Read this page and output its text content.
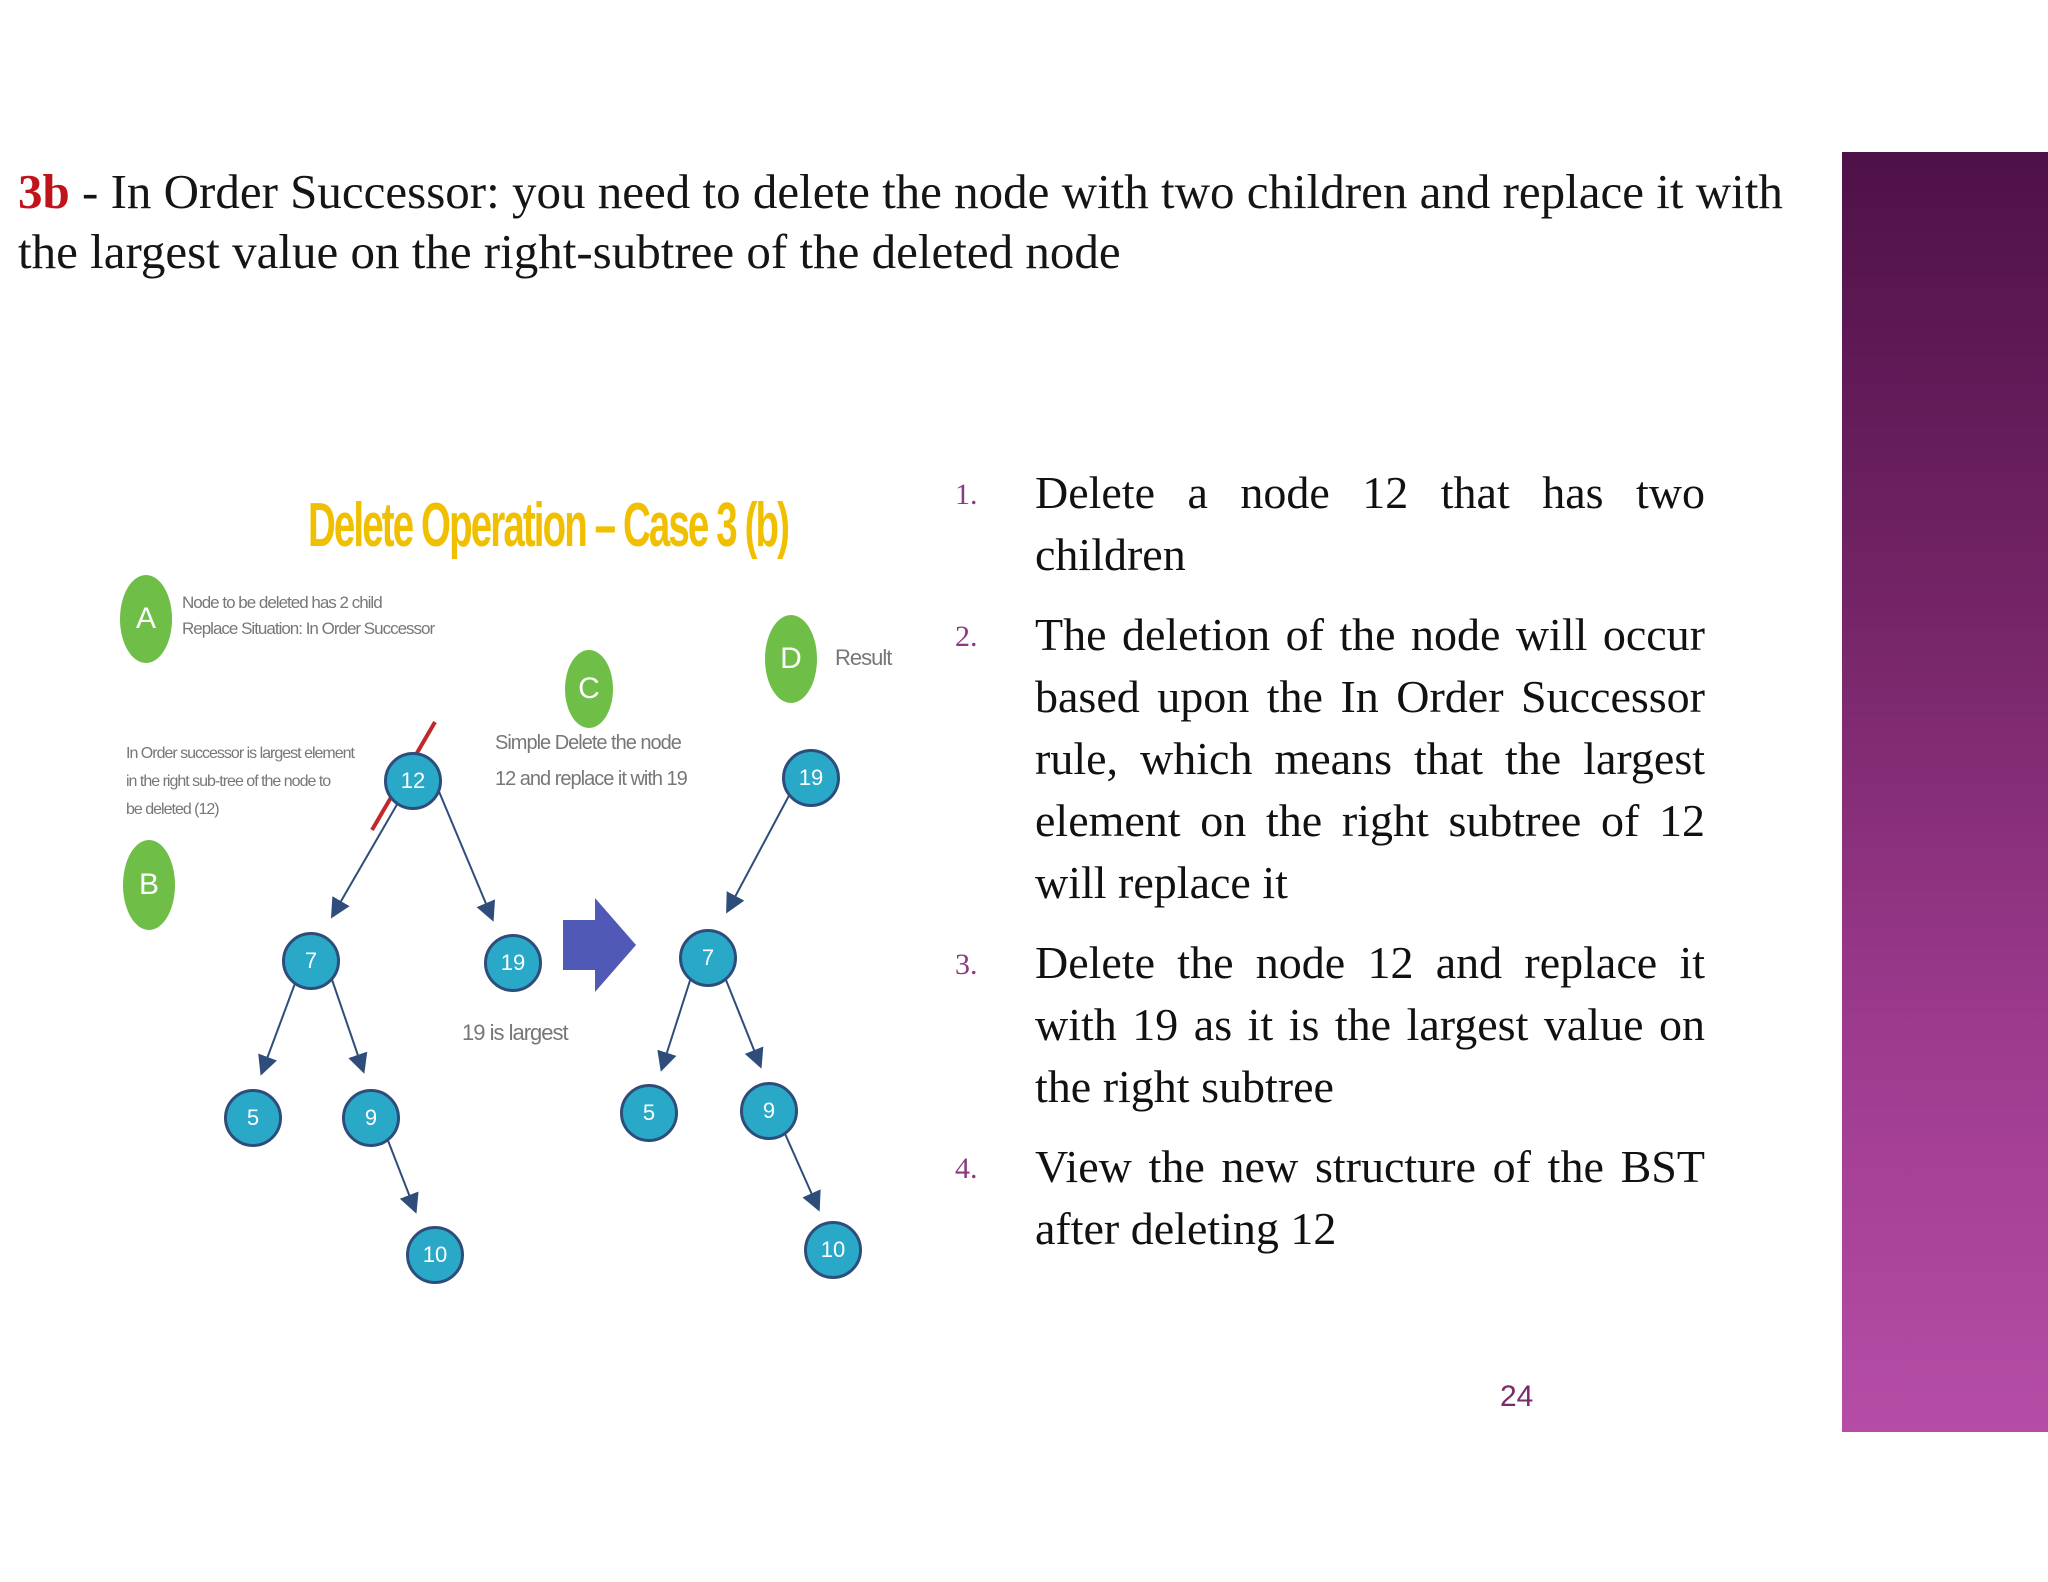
3b - In Order Successor: you need to delete the node with two children and replace it with the largest value on the right-subtree of the deleted node
Delete Operation – Case 3 (b)
A	Node to be deleted has 2 child
Replace Situation: In Order Successor
C
D	Result
In Order successor is largest element
in the right sub-tree of the node to
be deleted (12)
B
Simple Delete the node
12 and replace it with 19
19 is largest
12
7	19
5	9
10
19
7
5	9
10
1. Delete a node 12 that has two children
2. The deletion of the node will occur based upon the In Order Successor rule, which means that the largest element on the right subtree of 12 will replace it
3. Delete the node 12 and replace it with 19 as it is the largest value on the right subtree
4. View the new structure of the BST after deleting 12
24
